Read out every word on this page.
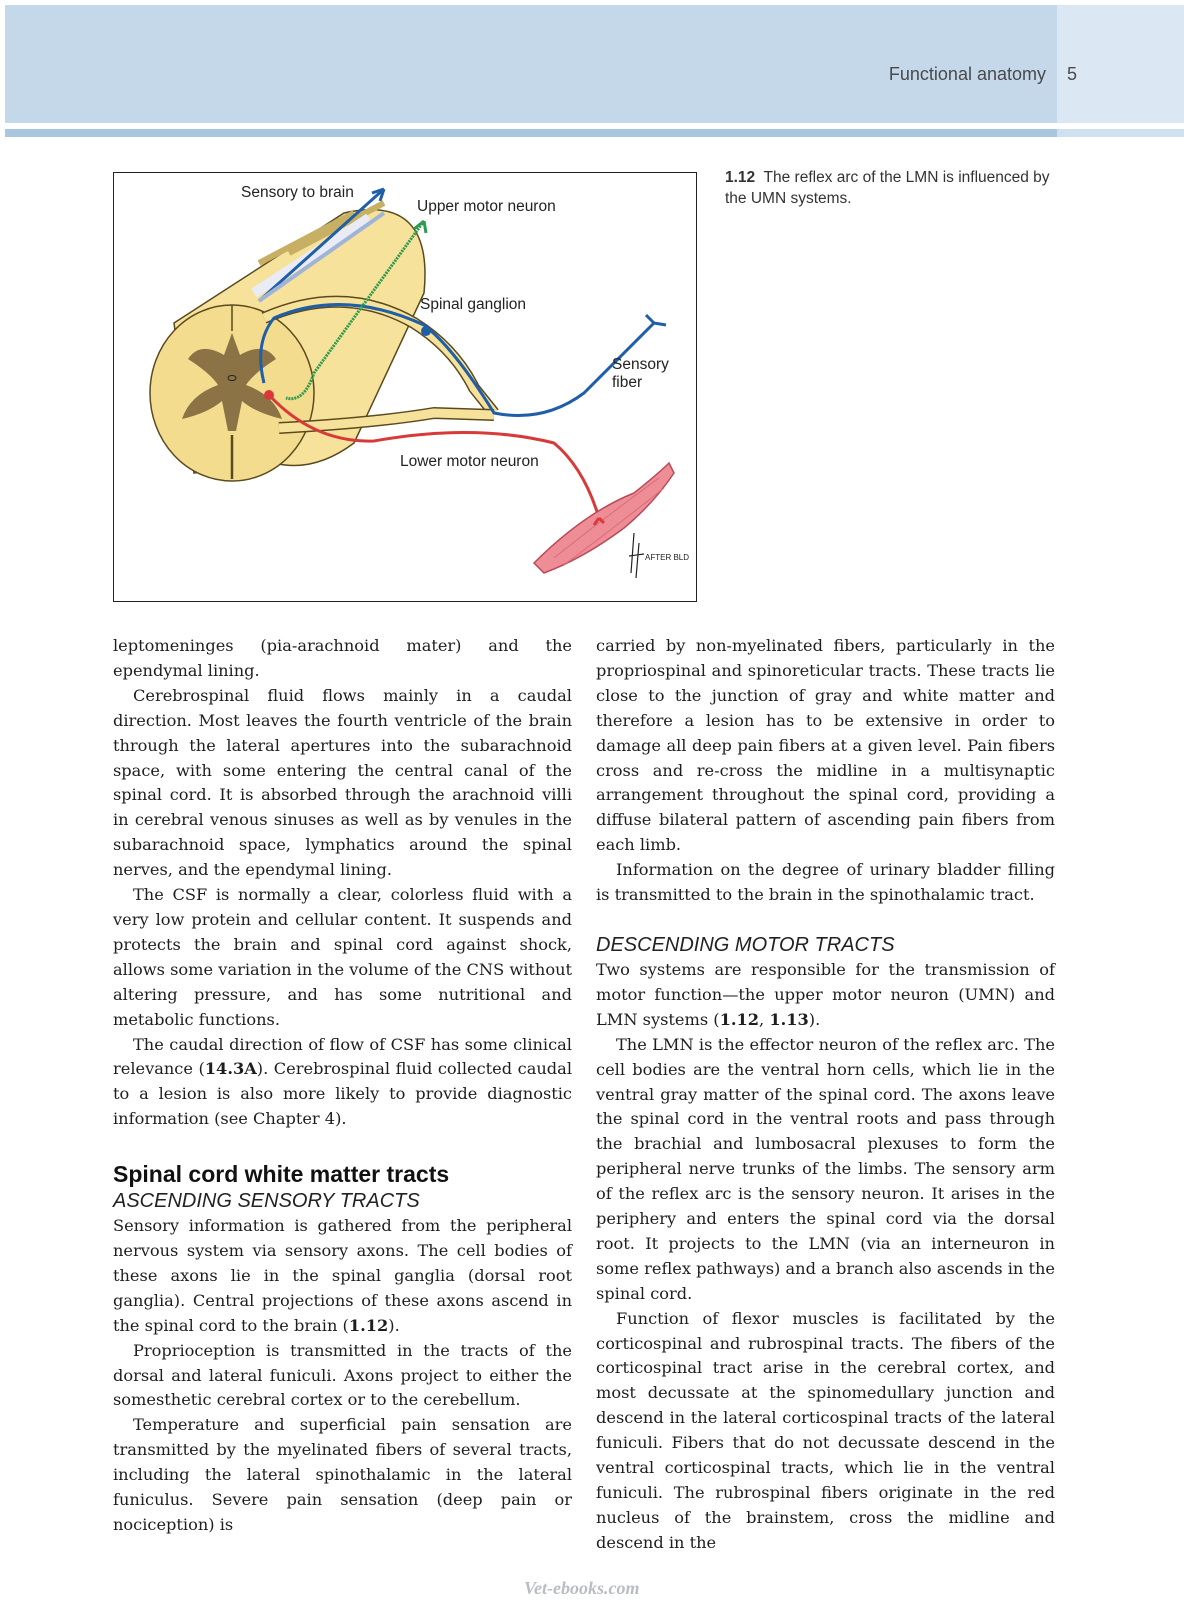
Functional anatomy 5
AFTER BLD
Sensory to brain
Upper motor neuron
Spinal ganglion
Sensory
fiber
Lower motor neuron
1.12 The reflex arc of the LMN is influenced by the UMN systems.

leptomeninges (pia-arachnoid mater) and the ependymal lining.

Cerebrospinal fluid flows mainly in a caudal direction. Most leaves the fourth ventricle of the brain through the lateral apertures into the subarachnoid space, with some entering the central canal of the spinal cord. It is absorbed through the arachnoid villi in cerebral venous sinuses as well as by venules in the subarachnoid space, lymphatics around the spinal nerves, and the ependymal lining.

The CSF is normally a clear, colorless fluid with a very low protein and cellular content. It suspends and protects the brain and spinal cord against shock, allows some variation in the volume of the CNS without altering pressure, and has some nutritional and metabolic functions.

The caudal direction of flow of CSF has some clinical relevance (14.3A). Cerebrospinal fluid collected caudal to a lesion is also more likely to provide diagnostic information (see Chapter 4).

Spinal cord white matter tracts
ASCENDING SENSORY TRACTS

Sensory information is gathered from the peripheral nervous system via sensory axons. The cell bodies of these axons lie in the spinal ganglia (dorsal root ganglia). Central projections of these axons ascend in the spinal cord to the brain (1.12).

Proprioception is transmitted in the tracts of the dorsal and lateral funiculi. Axons project to either the somesthetic cerebral cortex or to the cerebellum.

Temperature and superficial pain sensation are transmitted by the myelinated fibers of several tracts, including the lateral spinothalamic in the lateral funiculus. Severe pain sensation (deep pain or nociception) is

carried by non-myelinated fibers, particularly in the propriospinal and spinoreticular tracts. These tracts lie close to the junction of gray and white matter and therefore a lesion has to be extensive in order to damage all deep pain fibers at a given level. Pain fibers cross and re-cross the midline in a multisynaptic arrangement throughout the spinal cord, providing a diffuse bilateral pattern of ascending pain fibers from each limb.

Information on the degree of urinary bladder filling is transmitted to the brain in the spinothalamic tract.

DESCENDING MOTOR TRACTS

Two systems are responsible for the transmission of motor function—the upper motor neuron (UMN) and LMN systems (1.12, 1.13).

The LMN is the effector neuron of the reflex arc. The cell bodies are the ventral horn cells, which lie in the ventral gray matter of the spinal cord. The axons leave the spinal cord in the ventral roots and pass through the brachial and lumbosacral plexuses to form the peripheral nerve trunks of the limbs. The sensory arm of the reflex arc is the sensory neuron. It arises in the periphery and enters the spinal cord via the dorsal root. It projects to the LMN (via an interneuron in some reflex pathways) and a branch also ascends in the spinal cord.

Function of flexor muscles is facilitated by the corticospinal and rubrospinal tracts. The fibers of the corticospinal tract arise in the cerebral cortex, and most decussate at the spinomedullary junction and descend in the lateral corticospinal tracts of the lateral funiculi. Fibers that do not decussate descend in the ventral corticospinal tracts, which lie in the ventral funiculi. The rubrospinal fibers originate in the red nucleus of the brainstem, cross the midline and descend in the

Vet-ebooks.com
